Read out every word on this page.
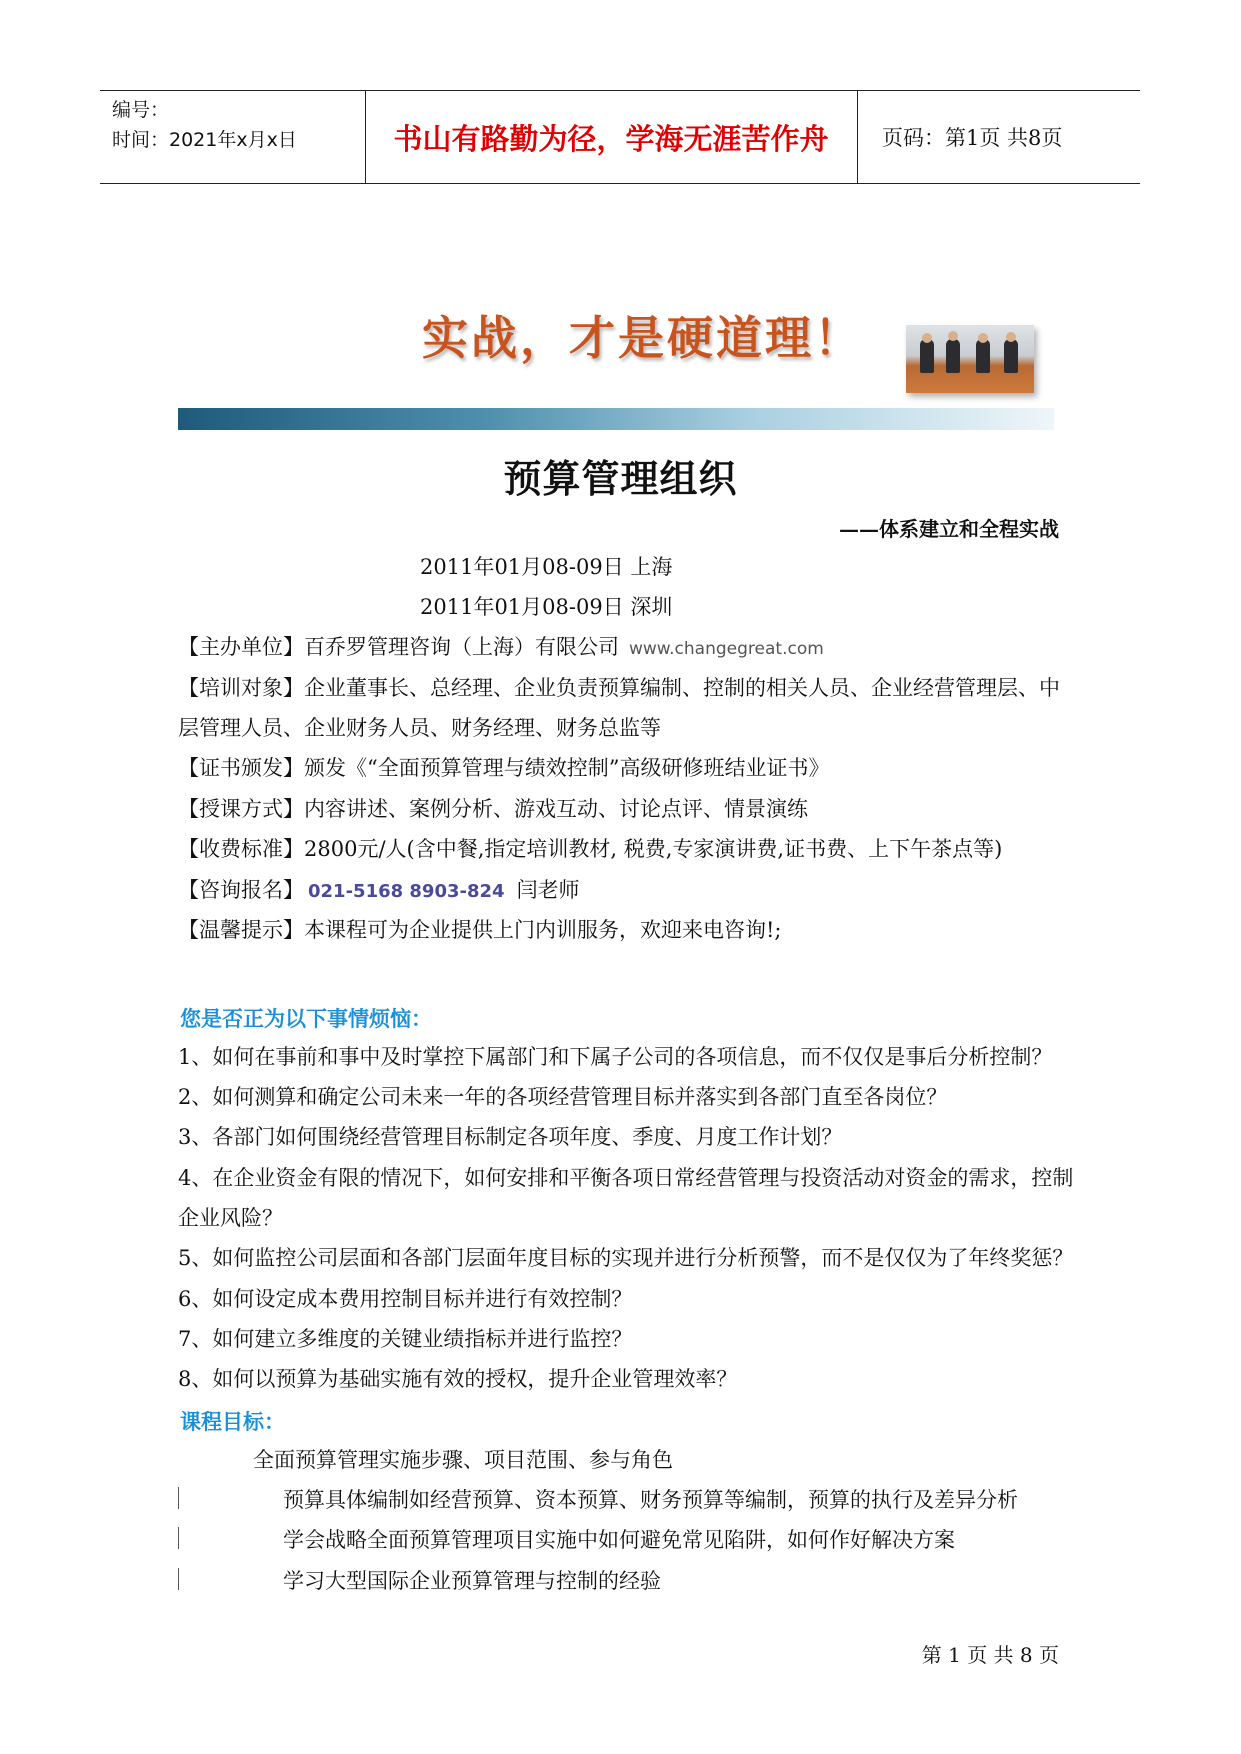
编号：
时间：2021年x月x日	书山有路勤为径，学海无涯苦作舟	页码：第1页 共8页
实战，才是硬道理！
预算管理组织
——体系建立和全程实战
2011年01月08-09日 上海
2011年01月08-09日 深圳
【主办单位】百乔罗管理咨询（上海）有限公司 www.changegreat.com
【培训对象】企业董事长、总经理、企业负责预算编制、控制的相关人员、企业经营管理层、中
层管理人员、企业财务人员、财务经理、财务总监等
【证书颁发】颁发《“全面预算管理与绩效控制”高级研修班结业证书》
【授课方式】内容讲述、案例分析、游戏互动、讨论点评、情景演练
【收费标准】2800元/人(含中餐,指定培训教材, 税费,专家演讲费,证书费、上下午茶点等)
【咨询报名】 021-5168 8903-824 闫老师
【温馨提示】本课程可为企业提供上门内训服务，欢迎来电咨询!;
您是否正为以下事情烦恼：
1、如何在事前和事中及时掌控下属部门和下属子公司的各项信息，而不仅仅是事后分析控制？
2、如何测算和确定公司未来一年的各项经营管理目标并落实到各部门直至各岗位？
3、各部门如何围绕经营管理目标制定各项年度、季度、月度工作计划？
4、在企业资金有限的情况下，如何安排和平衡各项日常经营管理与投资活动对资金的需求，控制
企业风险？
5、如何监控公司层面和各部门层面年度目标的实现并进行分析预警，而不是仅仅为了年终奖惩？
6、如何设定成本费用控制目标并进行有效控制？
7、如何建立多维度的关键业绩指标并进行监控？
8、如何以预算为基础实施有效的授权，提升企业管理效率？
课程目标：
全面预算管理实施步骤、项目范围、参与角色
预算具体编制如经营预算、资本预算、财务预算等编制，预算的执行及差异分析
学会战略全面预算管理项目实施中如何避免常见陷阱，如何作好解决方案
学习大型国际企业预算管理与控制的经验
第 1 页 共 8 页
